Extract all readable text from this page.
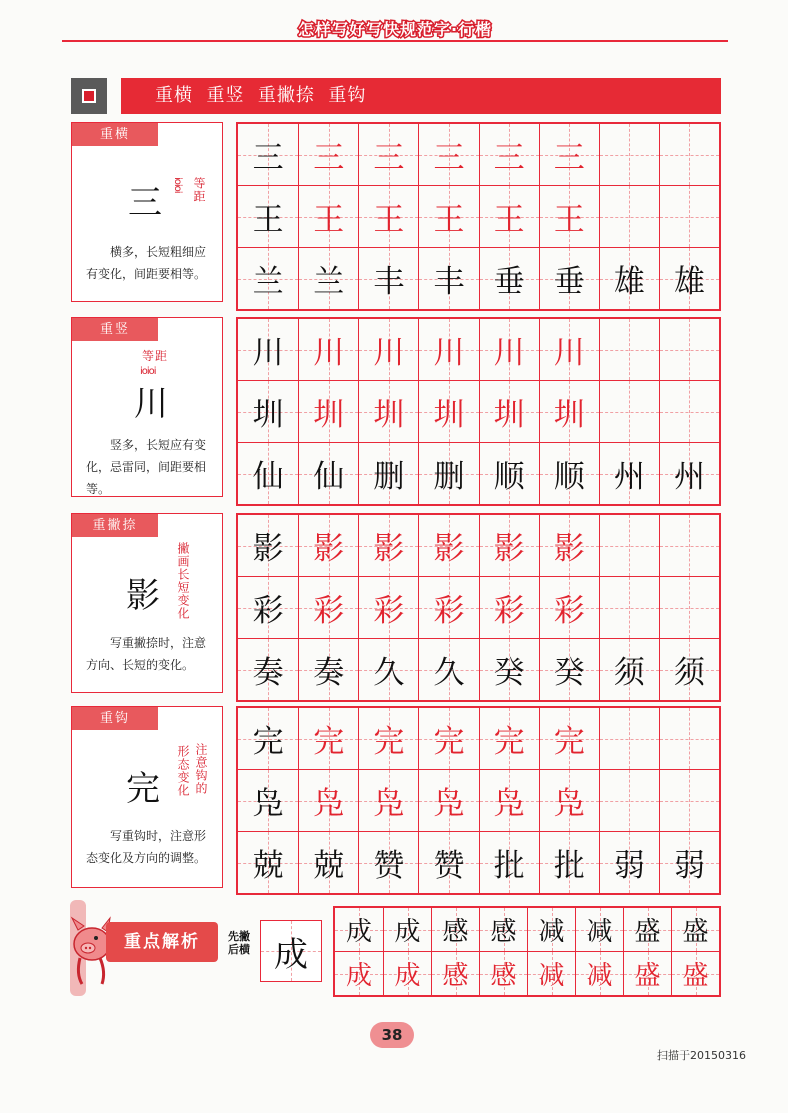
怎样写好写快规范字·行楷
重横  重竖  重撇捺  重钩
重横
三 ioioi 等距
横多，长短粗细应有变化，间距要相等。
三 三 三 三 三 三
王 王 王 王 王 王
兰 兰 丰 丰 垂 垂 雄 雄
重竖
等距
ioioi
川
竖多，长短应有变化，忌雷同，间距要相等。
川 川 川 川 川 川
圳 圳 圳 圳 圳 圳
仙 仙 删 删 顺 顺 州 州
重撇捺
影 撇画长短变化
写重撇捺时，注意方向、长短的变化。
影 影 影 影 影 影
彩 彩 彩 彩 彩 彩
奏 奏 久 久 癸 癸 须 须
重钩
完 形态变化 注意钩的
写重钩时，注意形态变化及方向的调整。
完 完 完 完 完 完
凫 凫 凫 凫 凫 凫
兢 兢 赞 赞 批 批 弱 弱
重点解析	先撇后横 成
成 成 感 感 减 减 盛 盛
成 成 感 感 减 减 盛 盛
38
扫描于20150316
